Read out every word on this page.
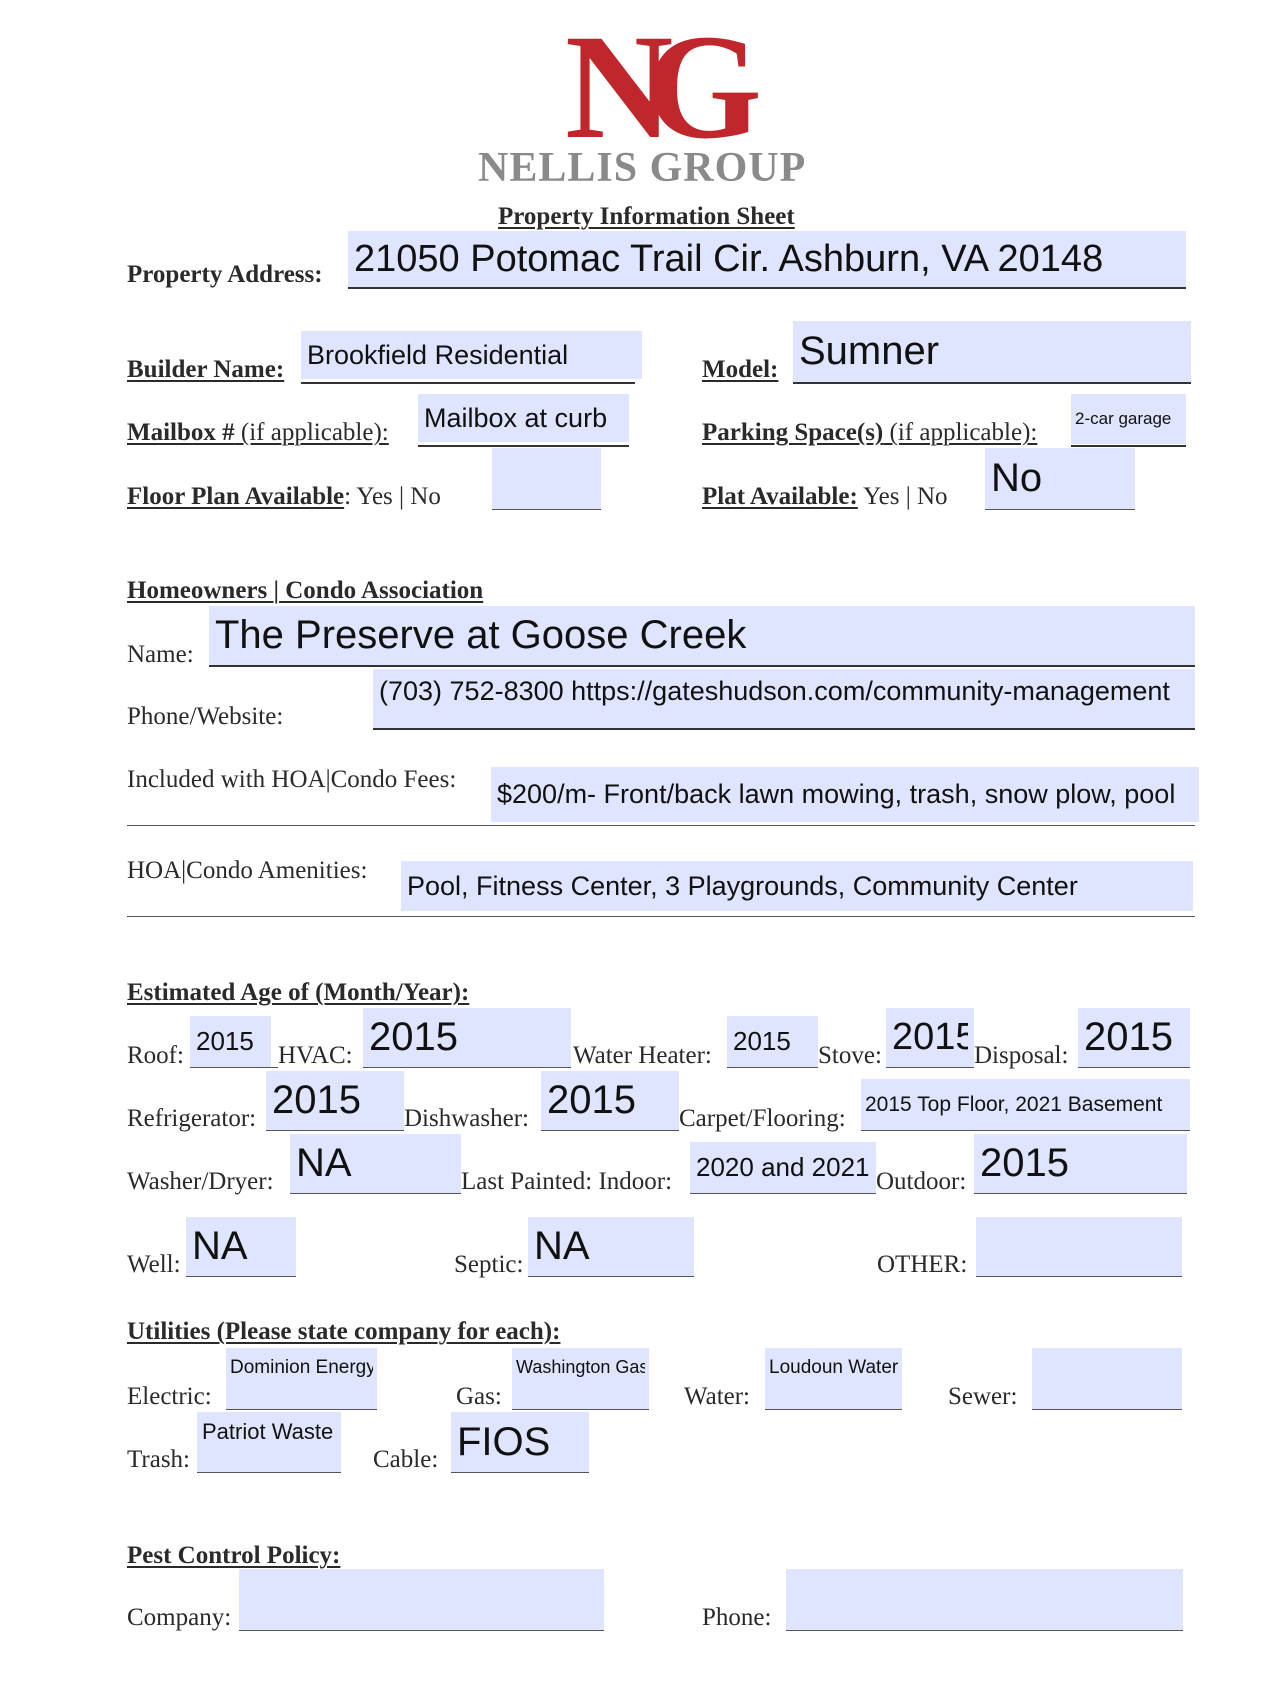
NG
NELLIS GROUP
Property Information Sheet
Property Address:
21050 Potomac Trail Cir. Ashburn, VA 20148
Builder Name:
Brookfield Residential	Model:
Sumner
Mailbox # (if applicable):
Mailbox at curb	Parking Space(s) (if applicable):
2-car garage
Floor Plan Available: Yes | No	Plat Available: Yes | No
No
Homeowners | Condo Association
Name:
The Preserve at Goose Creek
Phone/Website:
(703) 752-8300 https://gateshudson.com/community-management
Included with HOA|Condo Fees:
$200/m- Front/back lawn mowing, trash, snow plow, pool
HOA|Condo Amenities:
Pool, Fitness Center, 3 Playgrounds, Community Center
Estimated Age of (Month/Year):
Roof:
2015	HVAC:
2015	Water Heater:
2015	Stove:
2015	Disposal:
2015
Refrigerator:
2015	Dishwasher:
2015	Carpet/Flooring:
2015 Top Floor, 2021 Basement
Washer/Dryer:
NA	Last Painted: Indoor:
2020 and 2021	Outdoor:
2015
Well:
NA	Septic:
NA	OTHER:
Utilities (Please state company for each):
Electric:
Dominion Energy	Gas:
Washington Gas	Water:
Loudoun Water	Sewer:
Trash:
Patriot Waste	Cable:
FIOS
Pest Control Policy:
Company:	Phone:
